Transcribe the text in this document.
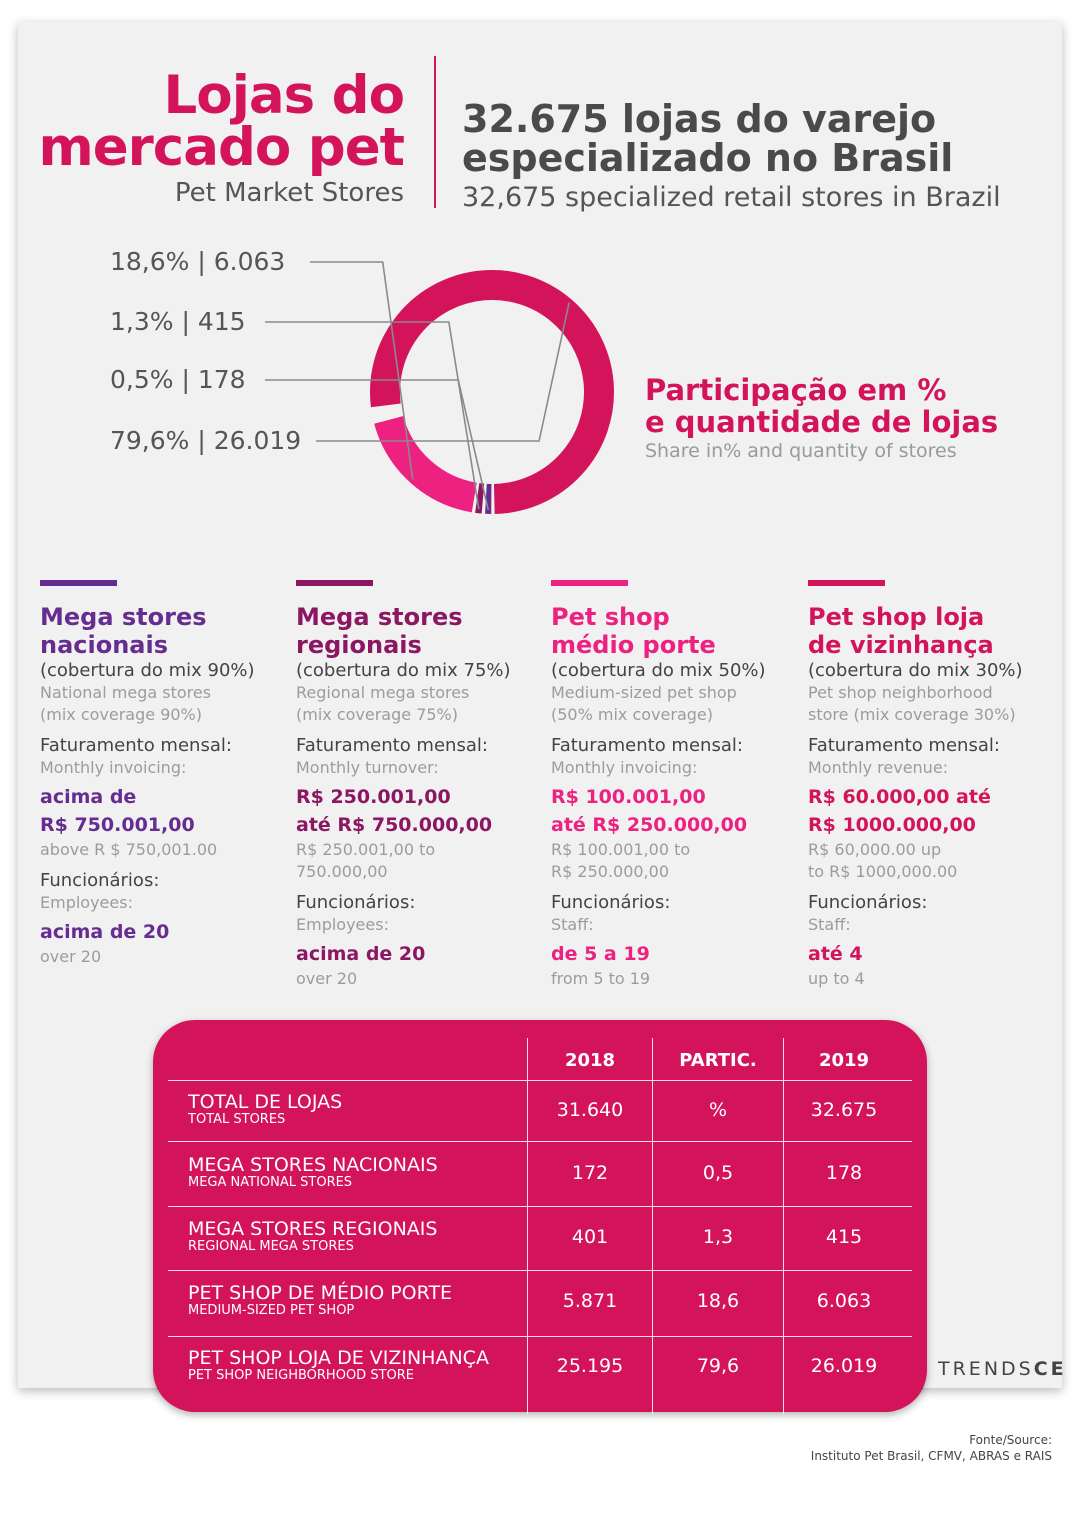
Lojas do
mercado pet
Pet Market Stores
32.675 lojas do varejo
especializado no Brasil
32,675 specialized retail stores in Brazil
79,6% | 26.019
0,5% | 178
1,3% | 415
18,6% | 6.063
Participação em %
e quantidade de lojas
Share in% and quantity of stores
Mega stores nacionais
(cobertura do mix 90%)
National mega stores
(mix coverage 90%)
Faturamento mensal:
Monthly invoicing:
acima de
R$ 750.001,00
above R $ 750,001.00
Funcionários:
Employees:
acima de 20
over 20
Mega stores regionais
(cobertura do mix 75%)
Regional mega stores
(mix coverage 75%)
Faturamento mensal:
Monthly turnover:
R$ 250.001,00
até R$ 750.000,00
R$ 250.001,00 to
750.000,00
Funcionários:
Employees:
acima de 20
over 20
Pet shop médio porte
(cobertura do mix 50%)
Medium-sized pet shop
(50% mix coverage)
Faturamento mensal:
Monthly invoicing:
R$ 100.001,00
até R$ 250.000,00
R$ 100.001,00 to
R$ 250.000,00
Funcionários:
Staff:
de 5 a 19
from 5 to 19
Pet shop loja de vizinhança
(cobertura do mix 30%)
Pet shop neighborhood
store (mix coverage 30%)
Faturamento mensal:
Monthly revenue:
R$ 60.000,00 até
R$ 1000.000,00
R$ 60,000.00 up
to R$ 1000,000.00
Funcionários:
Staff:
até 4
up to 4
2018	PARTIC.	2019
TOTAL DE LOJAS
TOTAL STORES	31.640	%	32.675
MEGA STORES NACIONAIS
MEGA NATIONAL STORES	172	0,5	178
MEGA STORES REGIONAIS
REGIONAL MEGA STORES	401	1,3	415
PET SHOP DE MÉDIO PORTE
MEDIUM-SIZED PET SHOP	5.871	18,6	6.063
PET SHOP LOJA DE VIZINHANÇA
PET SHOP NEIGHBORHOOD STORE	25.195	79,6	26.019	TRENDSCE
Fonte/Source:
Instituto Pet Brasil, CFMV, ABRAS e RAIS
